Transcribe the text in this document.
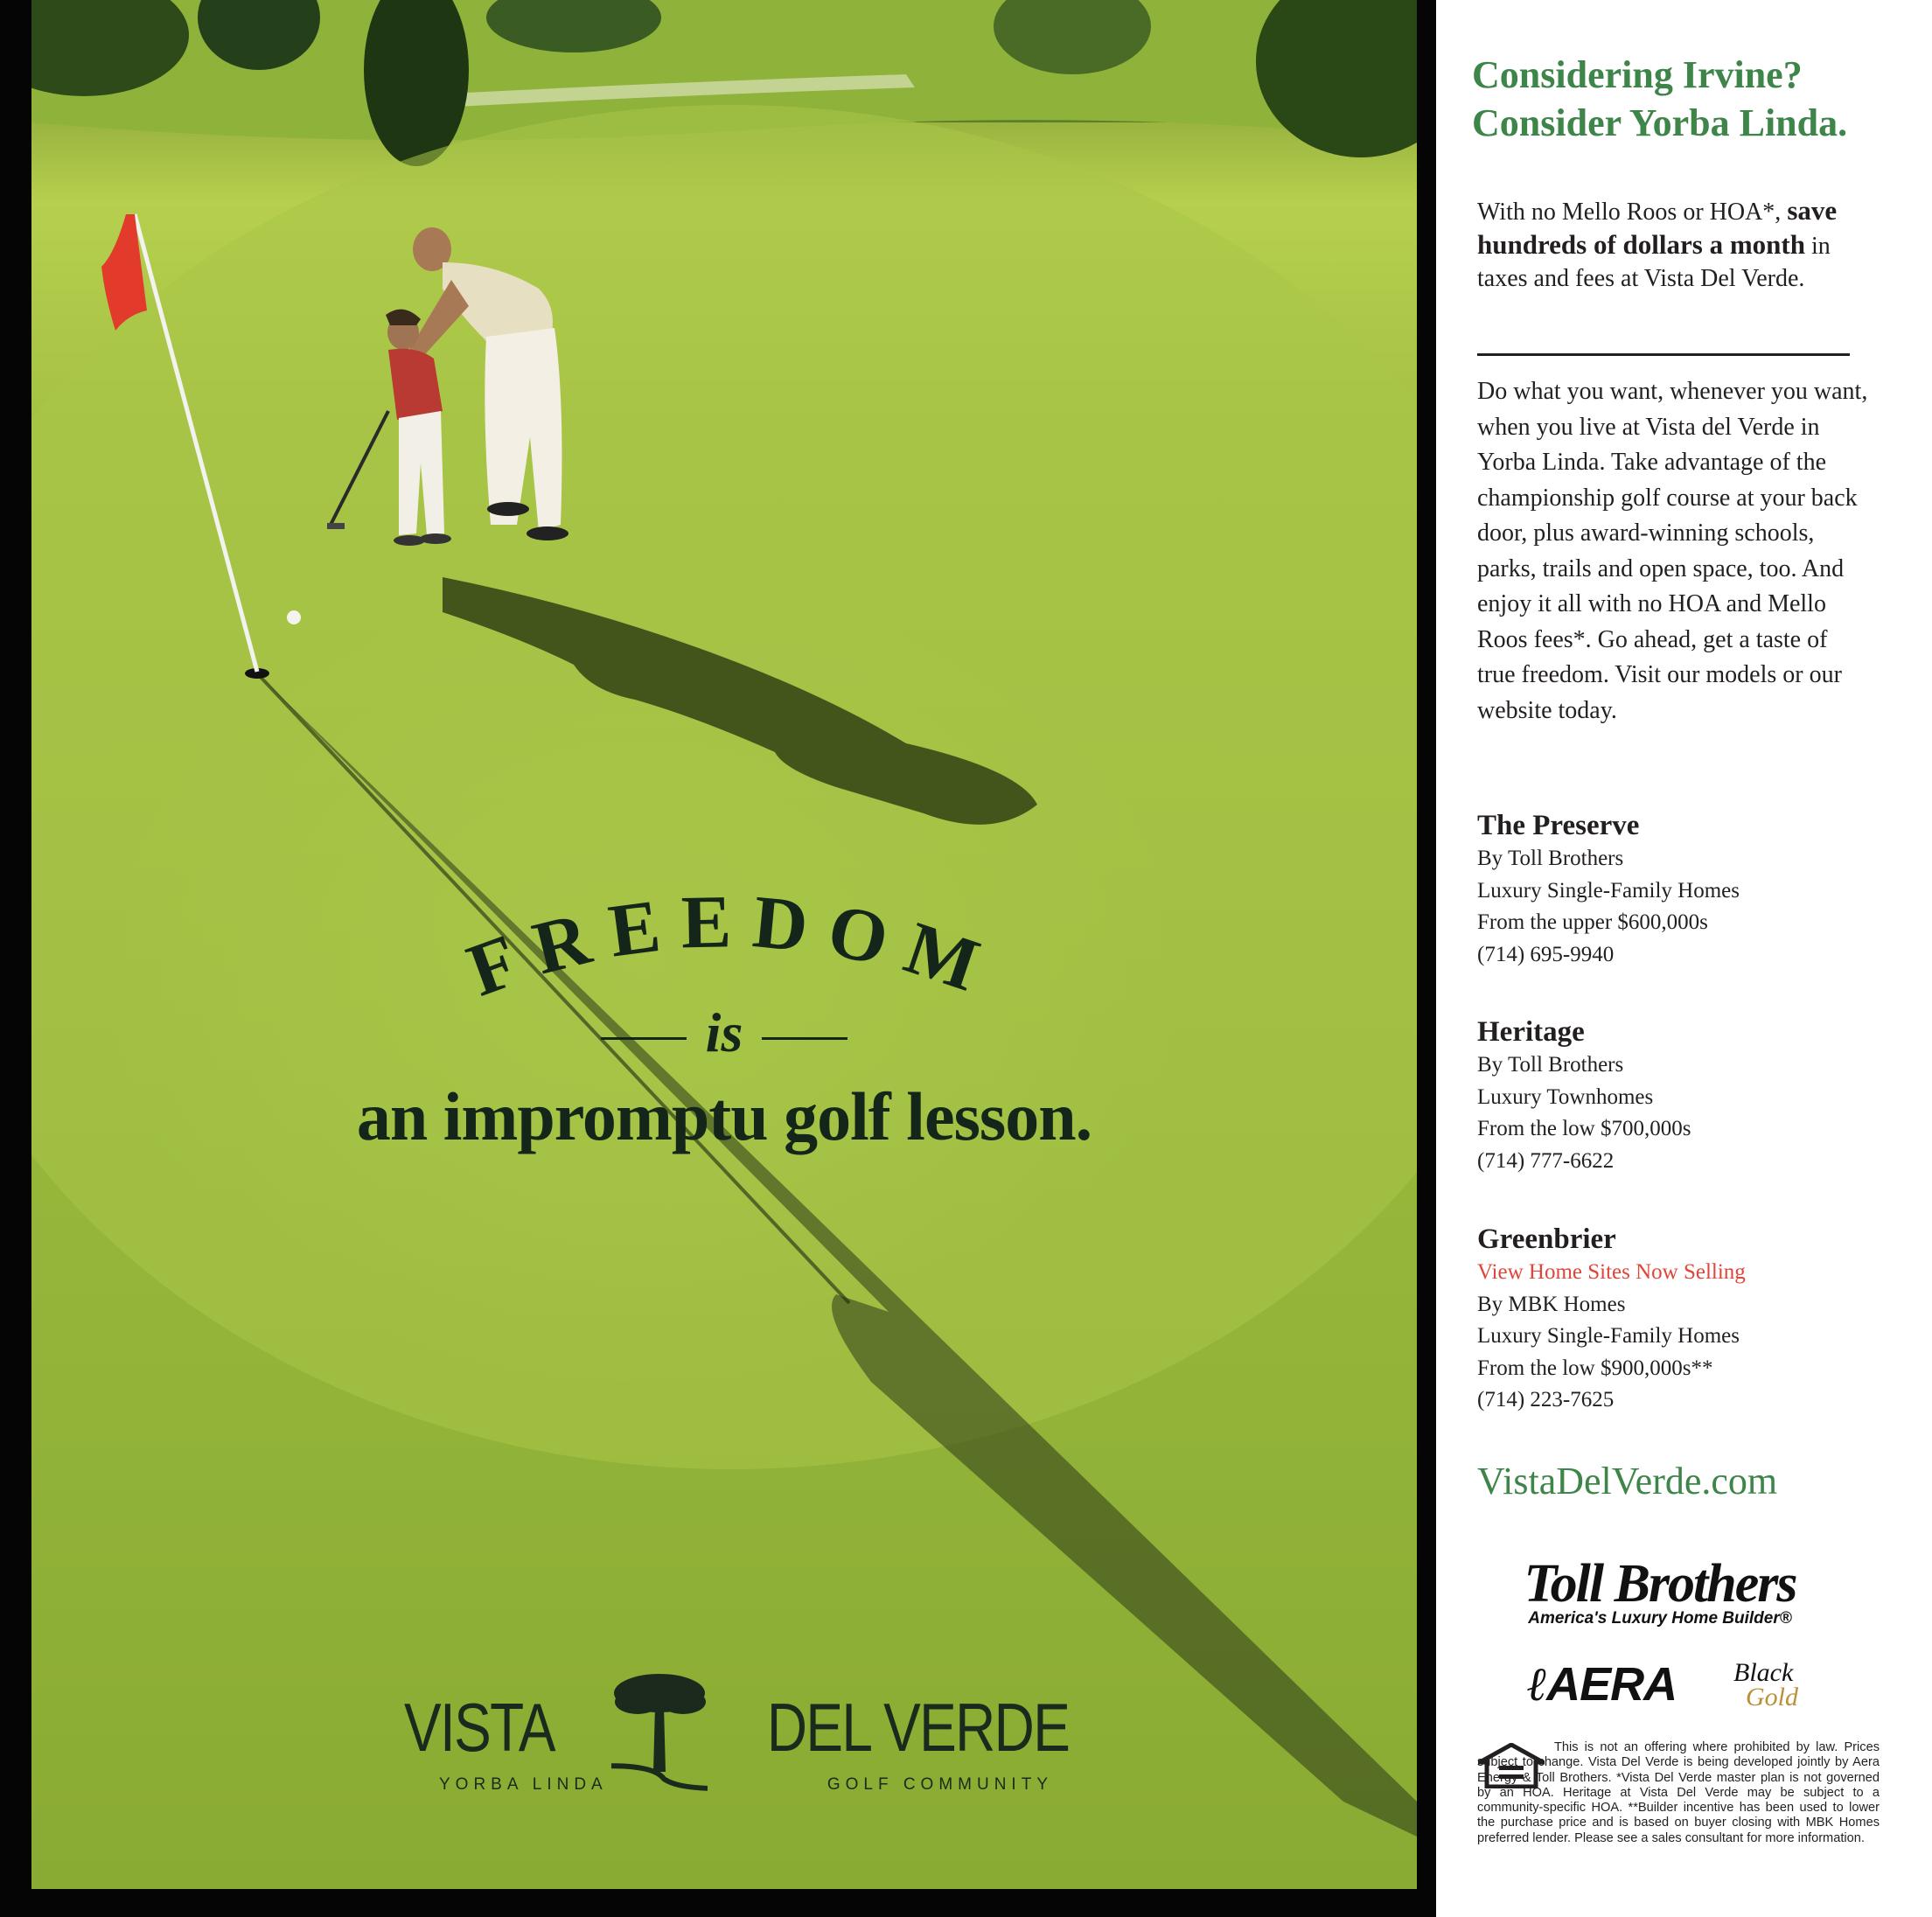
FREEDOM
is
an impromptu golf lesson.
VISTA	DEL VERDE
YORBA LINDA	GOLF COMMUNITY
Considering Irvine?
Consider Yorba Linda.
With no Mello Roos or HOA*, save hundreds of dollars a month in taxes and fees at Vista Del Verde.
Do what you want, whenever you want, when you live at Vista del Verde in Yorba Linda. Take advantage of the championship golf course at your back door, plus award-winning schools, parks, trails and open space, too. And enjoy it all with no HOA and Mello Roos fees*. Go ahead, get a taste of true freedom. Visit our models or our website today.
The Preserve
By Toll Brothers
Luxury Single-Family Homes
From the upper $600,000s
(714) 695-9940
Heritage
By Toll Brothers
Luxury Townhomes
From the low $700,000s
(714) 777-6622
Greenbrier
View Home Sites Now Selling
By MBK Homes
Luxury Single-Family Homes
From the low $900,000s**
(714) 223-7625
VistaDelVerde.com
Toll Brothers
America's Luxury Home Builder®
ℓAERA Black
Gold
This is not an offering where prohibited by law. Prices subject to change. Vista Del Verde is being developed jointly by Aera Energy & Toll Brothers. *Vista Del Verde master plan is not governed by an HOA. Heritage at Vista Del Verde may be subject to a community-specific HOA. **Builder incentive has been used to lower the purchase price and is based on buyer closing with MBK Homes preferred lender. Please see a sales consultant for more information.
